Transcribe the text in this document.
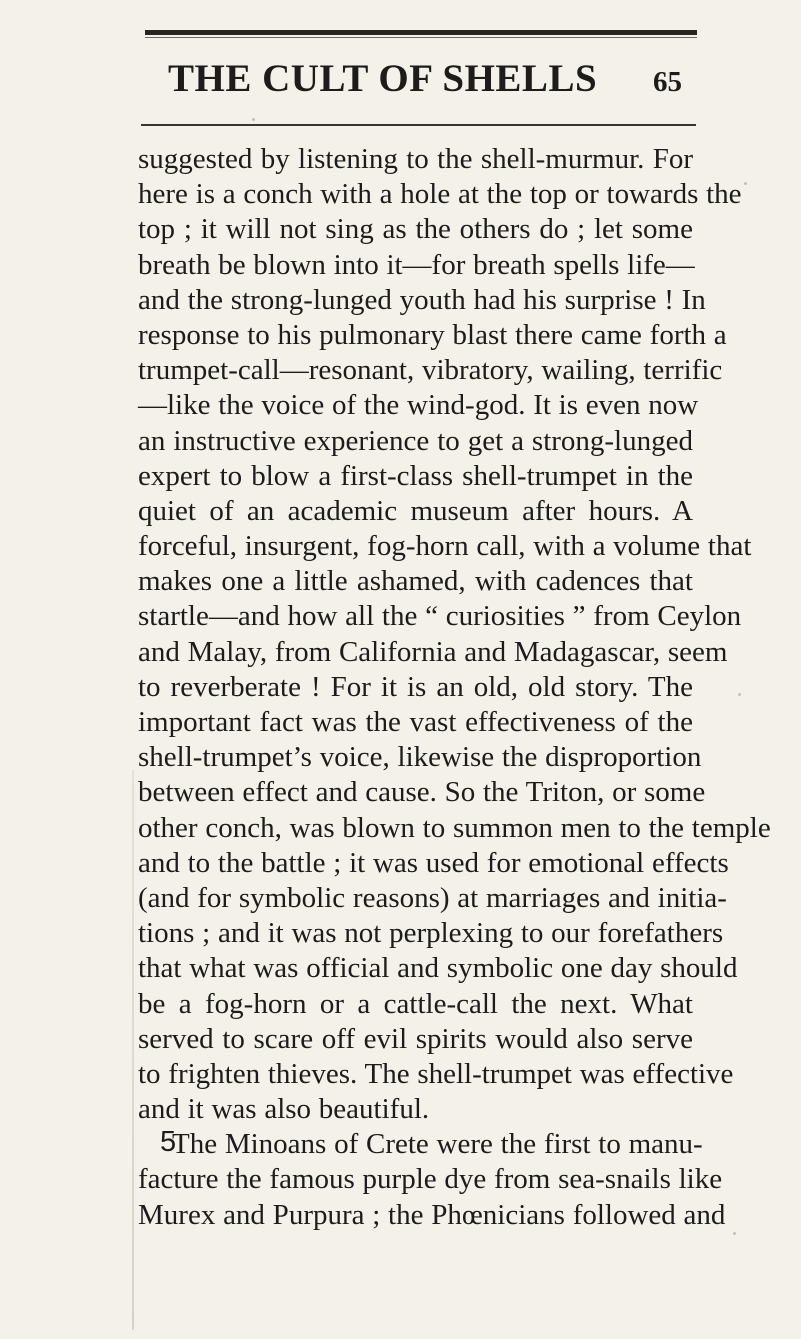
THE CULT OF SHELLS 65
suggested by listening to the shell-murmur. For
here is a conch with a hole at the top or towards the
top ; it will not sing as the others do ; let some
breath be blown into it—for breath spells life—
and the strong-lunged youth had his surprise ! In
response to his pulmonary blast there came forth a
trumpet-call—resonant, vibratory, wailing, terrific
—like the voice of the wind-god. It is even now
an instructive experience to get a strong-lunged
expert to blow a first-class shell-trumpet in the
quiet of an academic museum after hours. A
forceful, insurgent, fog-horn call, with a volume that
makes one a little ashamed, with cadences that
startle—and how all the “ curiosities ” from Ceylon
and Malay, from California and Madagascar, seem
to reverberate ! For it is an old, old story. The
important fact was the vast effectiveness of the
shell-trumpet’s voice, likewise the disproportion
between effect and cause. So the Triton, or some
other conch, was blown to summon men to the temple
and to the battle ; it was used for emotional effects
(and for symbolic reasons) at marriages and initia-
tions ; and it was not perplexing to our forefathers
that what was official and symbolic one day should
be a fog-horn or a cattle-call the next. What
served to scare off evil spirits would also serve
to frighten thieves. The shell-trumpet was effective
and it was also beautiful.
The Minoans of Crete were the first to manu-
facture the famous purple dye from sea-snails like
Murex and Purpura ; the Phœnicians followed and
5
